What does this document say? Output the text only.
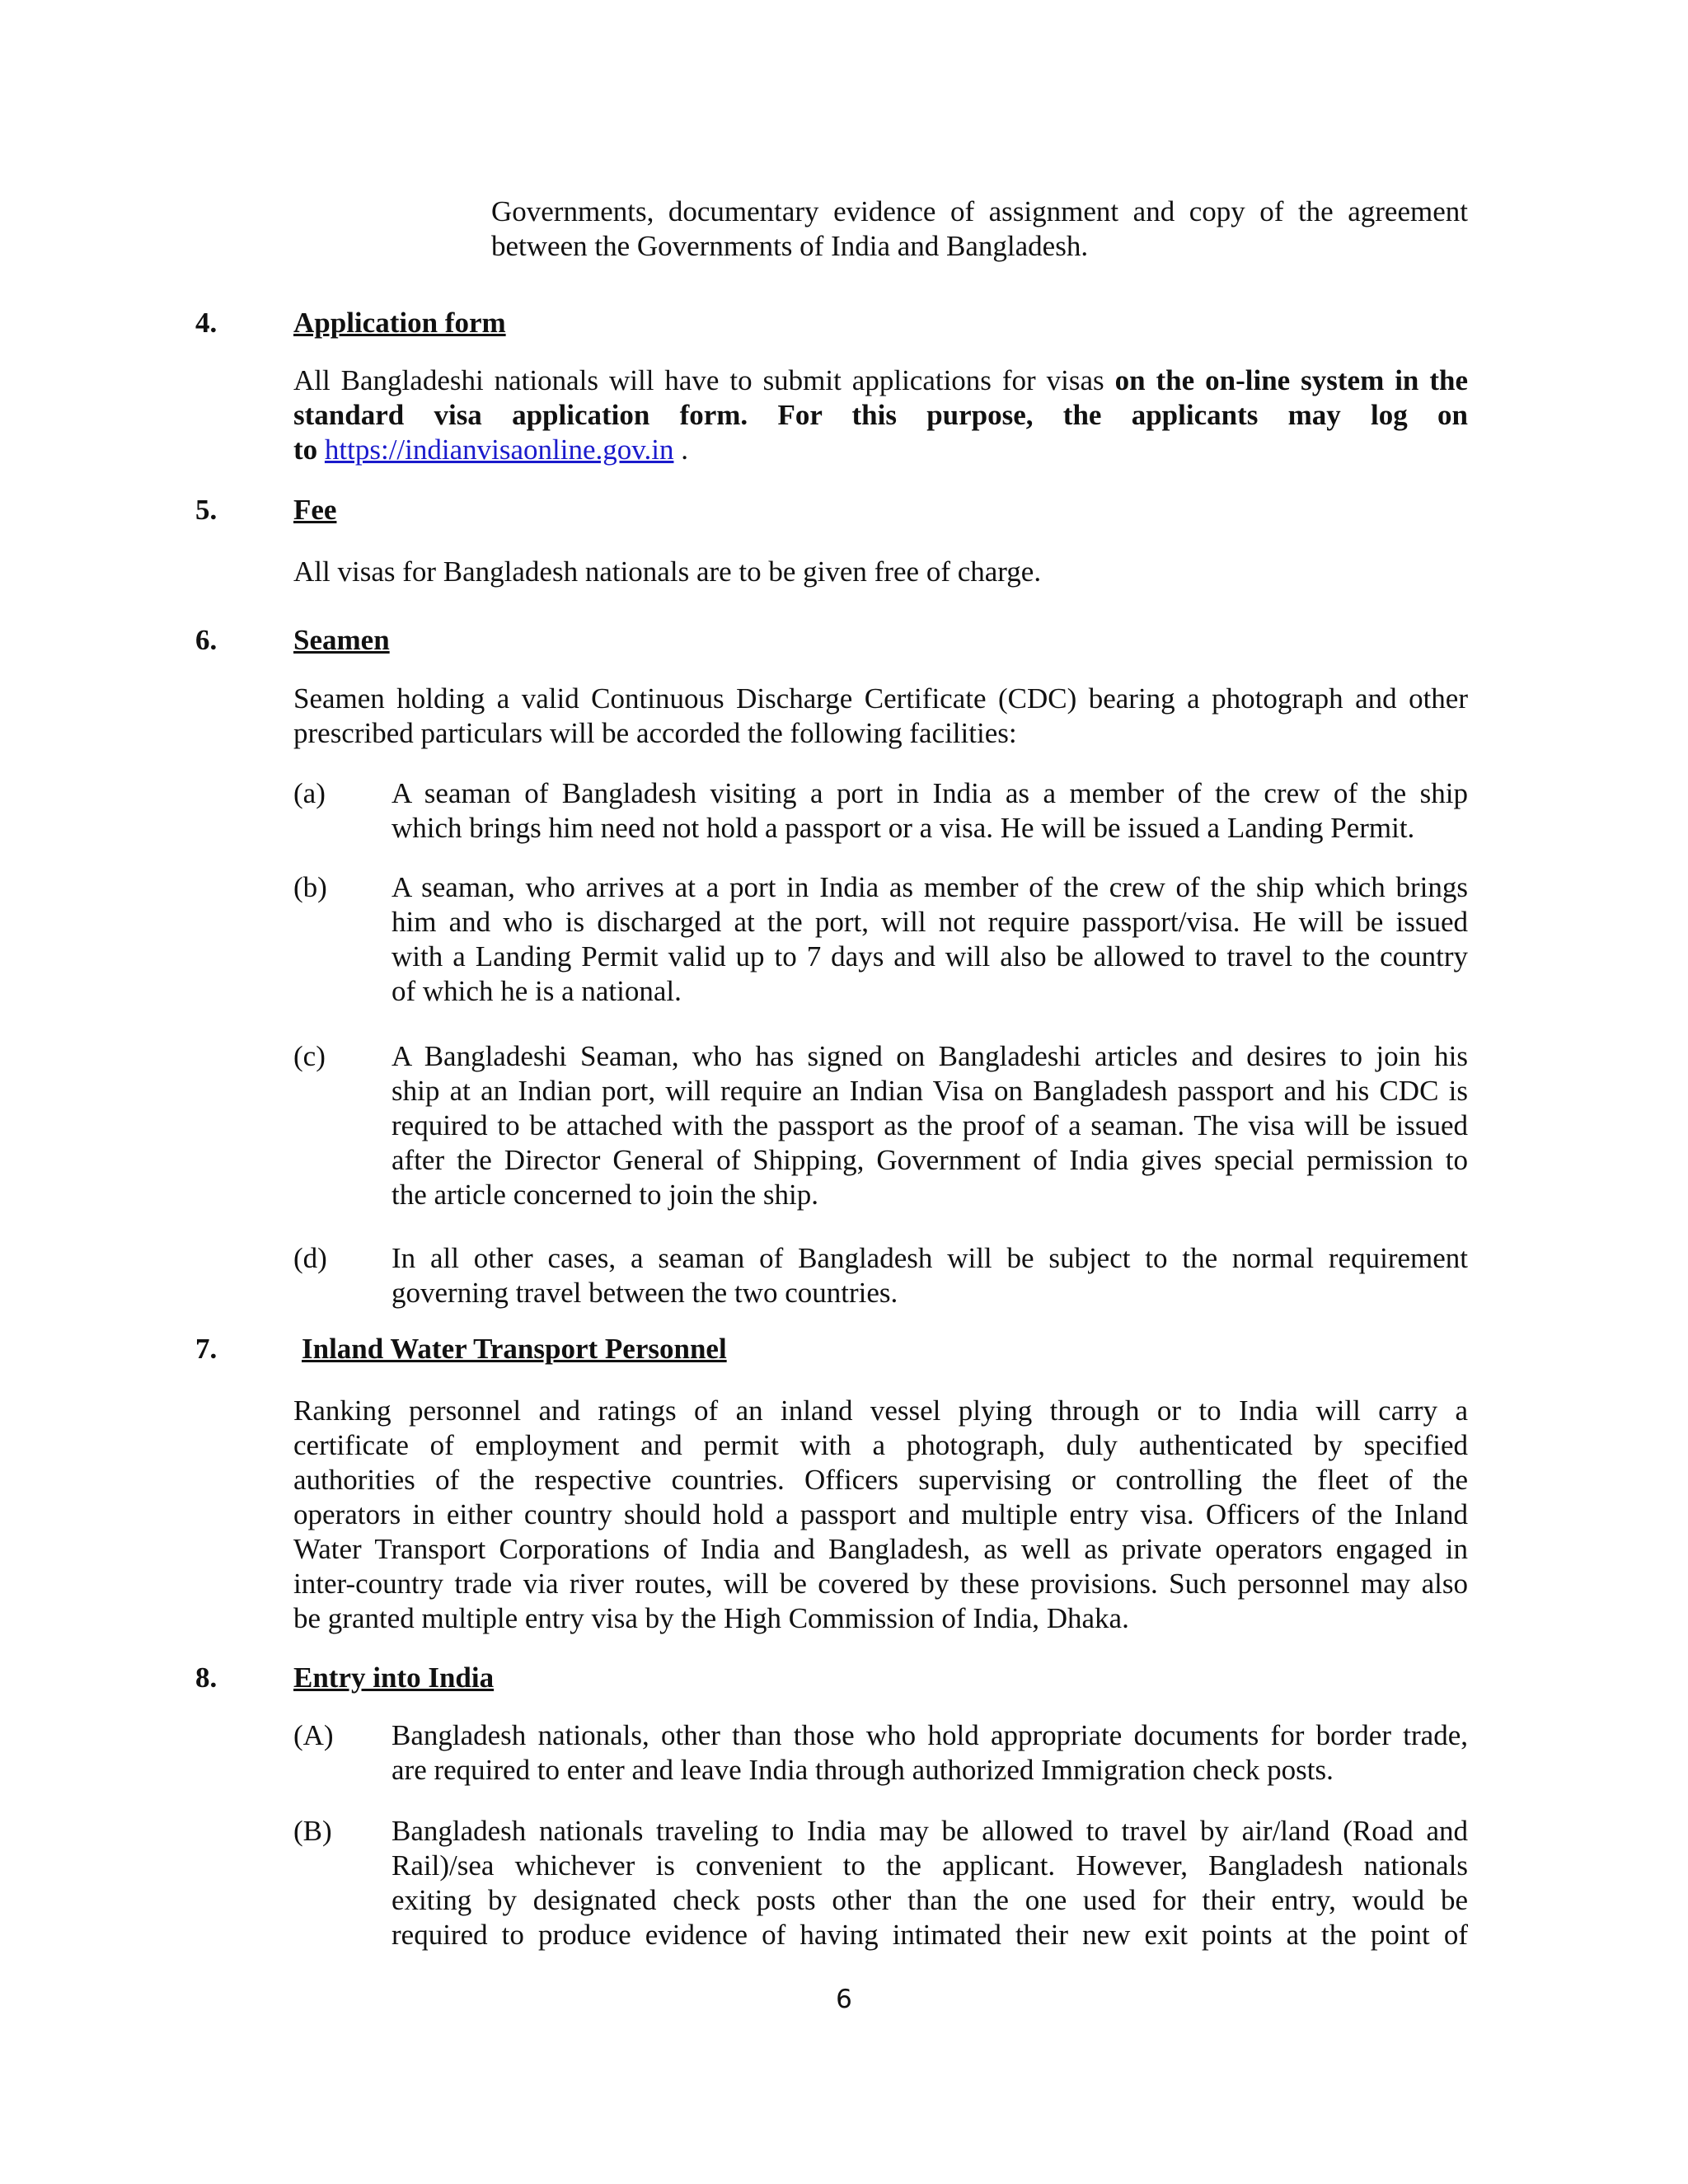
Governments, documentary evidence of assignment and copy of the agreement
between the Governments of India and Bangladesh.
4.	Application form
All Bangladeshi nationals will have to submit applications for visas on the on-line system in the
standard visa application form. For this purpose, the applicants may log on
to https://indianvisaonline.gov.in .
5.	Fee
All visas for Bangladesh nationals are to be given free of charge.
6.	Seamen
Seamen holding a valid Continuous Discharge Certificate (CDC) bearing a photograph and other
prescribed particulars will be accorded the following facilities:
(a) A seaman of Bangladesh visiting a port in India as a member of the crew of the ship
which brings him need not hold a passport or a visa. He will be issued a Landing Permit.
(b) A seaman, who arrives at a port in India as member of the crew of the ship which brings
him and who is discharged at the port, will not require passport/visa. He will be issued
with a Landing Permit valid up to 7 days and will also be allowed to travel to the country
of which he is a national.
(c) A Bangladeshi Seaman, who has signed on Bangladeshi articles and desires to join his
ship at an Indian port, will require an Indian Visa on Bangladesh passport and his CDC is
required to be attached with the passport as the proof of a seaman. The visa will be issued
after the Director General of Shipping, Government of India gives special permission to
the article concerned to join the ship.
(d) In all other cases, a seaman of Bangladesh will be subject to the normal requirement
governing travel between the two countries.
7.	Inland Water Transport Personnel
Ranking personnel and ratings of an inland vessel plying through or to India will carry a
certificate of employment and permit with a photograph, duly authenticated by specified
authorities of the respective countries. Officers supervising or controlling the fleet of the
operators in either country should hold a passport and multiple entry visa. Officers of the Inland
Water Transport Corporations of India and Bangladesh, as well as private operators engaged in
inter-country trade via river routes, will be covered by these provisions. Such personnel may also
be granted multiple entry visa by the High Commission of India, Dhaka.
8.	Entry into India
(A) Bangladesh nationals, other than those who hold appropriate documents for border trade,
are required to enter and leave India through authorized Immigration check posts.
(B) Bangladesh nationals traveling to India may be allowed to travel by air/land (Road and
Rail)/sea whichever is convenient to the applicant. However, Bangladesh nationals
exiting by designated check posts other than the one used for their entry, would be
required to produce evidence of having intimated their new exit points at the point of
6
